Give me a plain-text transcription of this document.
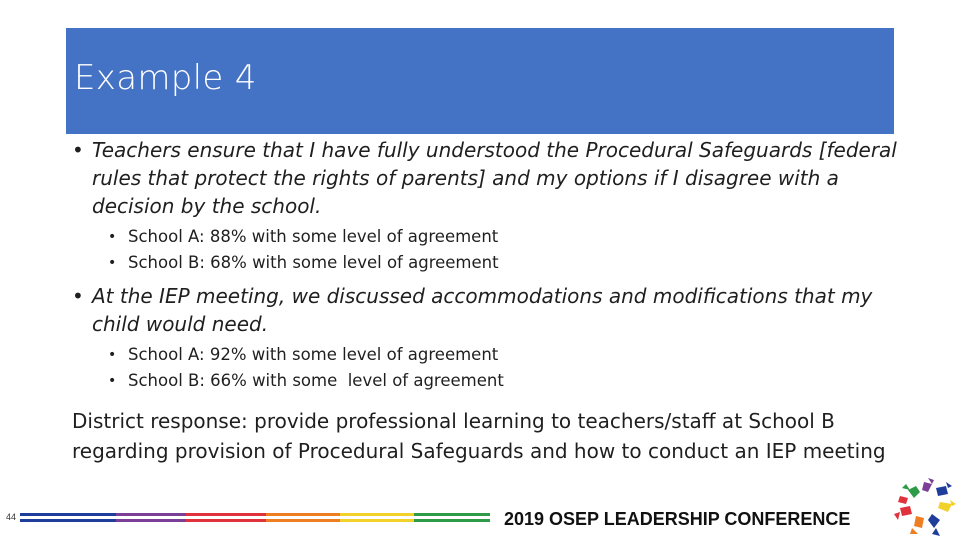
Example 4
• Teachers ensure that I have fully understood the Procedural Safeguards [federal rules that protect the rights of parents] and my options if I disagree with a decision by the school.
• School A: 88% with some level of agreement
• School B: 68% with some level of agreement
• At the IEP meeting, we discussed accommodations and modifications that my child would need.
• School A: 92% with some level of agreement
• School B: 66% with some  level of agreement
District response: provide professional learning to teachers/staff at School B regarding provision of Procedural Safeguards and how to conduct an IEP meeting
44	2019 OSEP LEADERSHIP CONFERENCE
